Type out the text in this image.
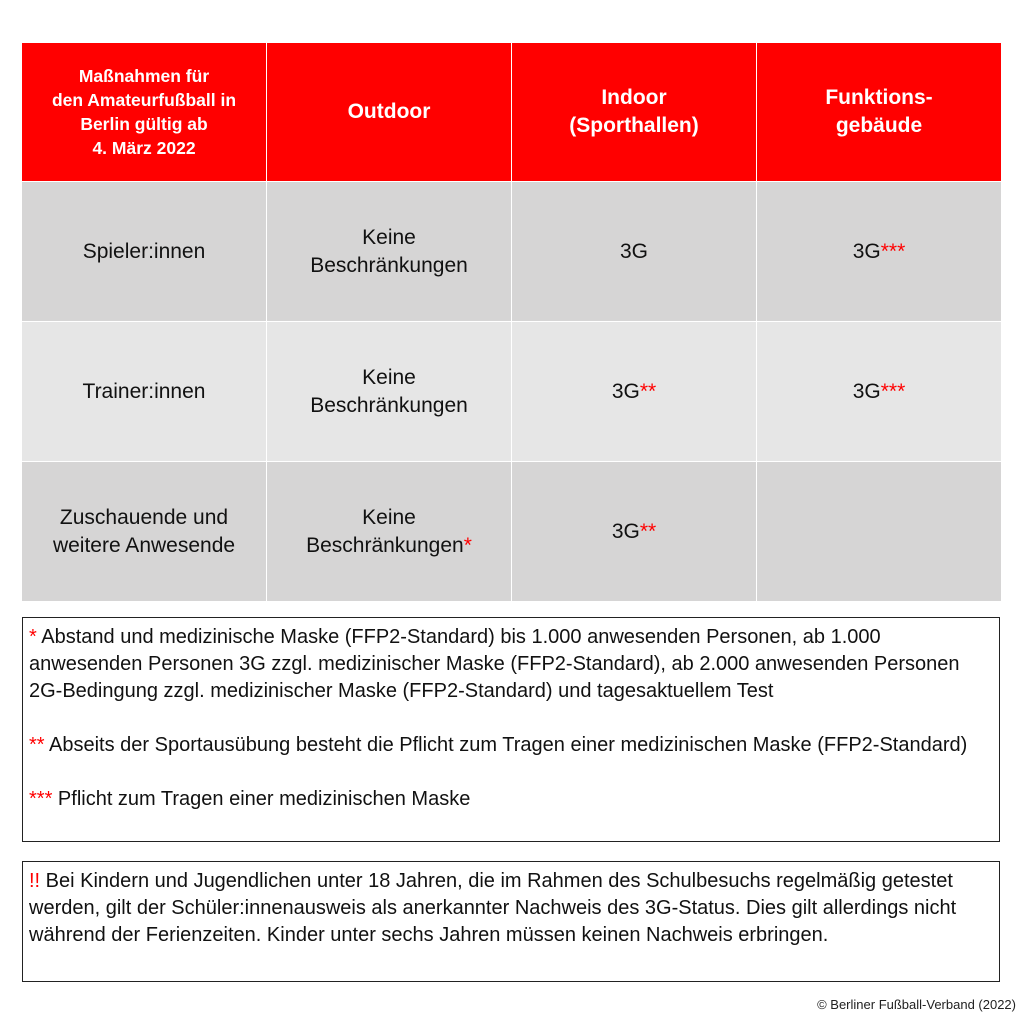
Maßnahmen für
den Amateurfußball in
Berlin gültig ab
4. März 2022
Outdoor
Indoor
(Sporthallen)
Funktions-
gebäude
Spieler:innen
Keine
Beschränkungen
3G	3G***
Trainer:innen
Keine
Beschränkungen
3G**	3G***
Zuschauende und
weitere Anwesende
Keine
Beschränkungen*
3G**

* Abstand und medizinische Maske (FFP2-Standard) bis 1.000 anwesenden Personen, ab 1.000 anwesenden Personen 3G zzgl. medizinischer Maske (FFP2-Standard), ab 2.000 anwesenden Personen 2G-Bedingung zzgl. medizinischer Maske (FFP2-Standard) und tagesaktuellem Test

** Abseits der Sportausübung besteht die Pflicht zum Tragen einer medizinischen Maske (FFP2-Standard)

*** Pflicht zum Tragen einer medizinischen Maske

!! Bei Kindern und Jugendlichen unter 18 Jahren, die im Rahmen des Schulbesuchs regelmäßig getestet werden, gilt der Schüler:innenausweis als anerkannter Nachweis des 3G-Status. Dies gilt allerdings nicht während der Ferienzeiten. Kinder unter sechs Jahren müssen keinen Nachweis erbringen.

© Berliner Fußball-Verband (2022)
